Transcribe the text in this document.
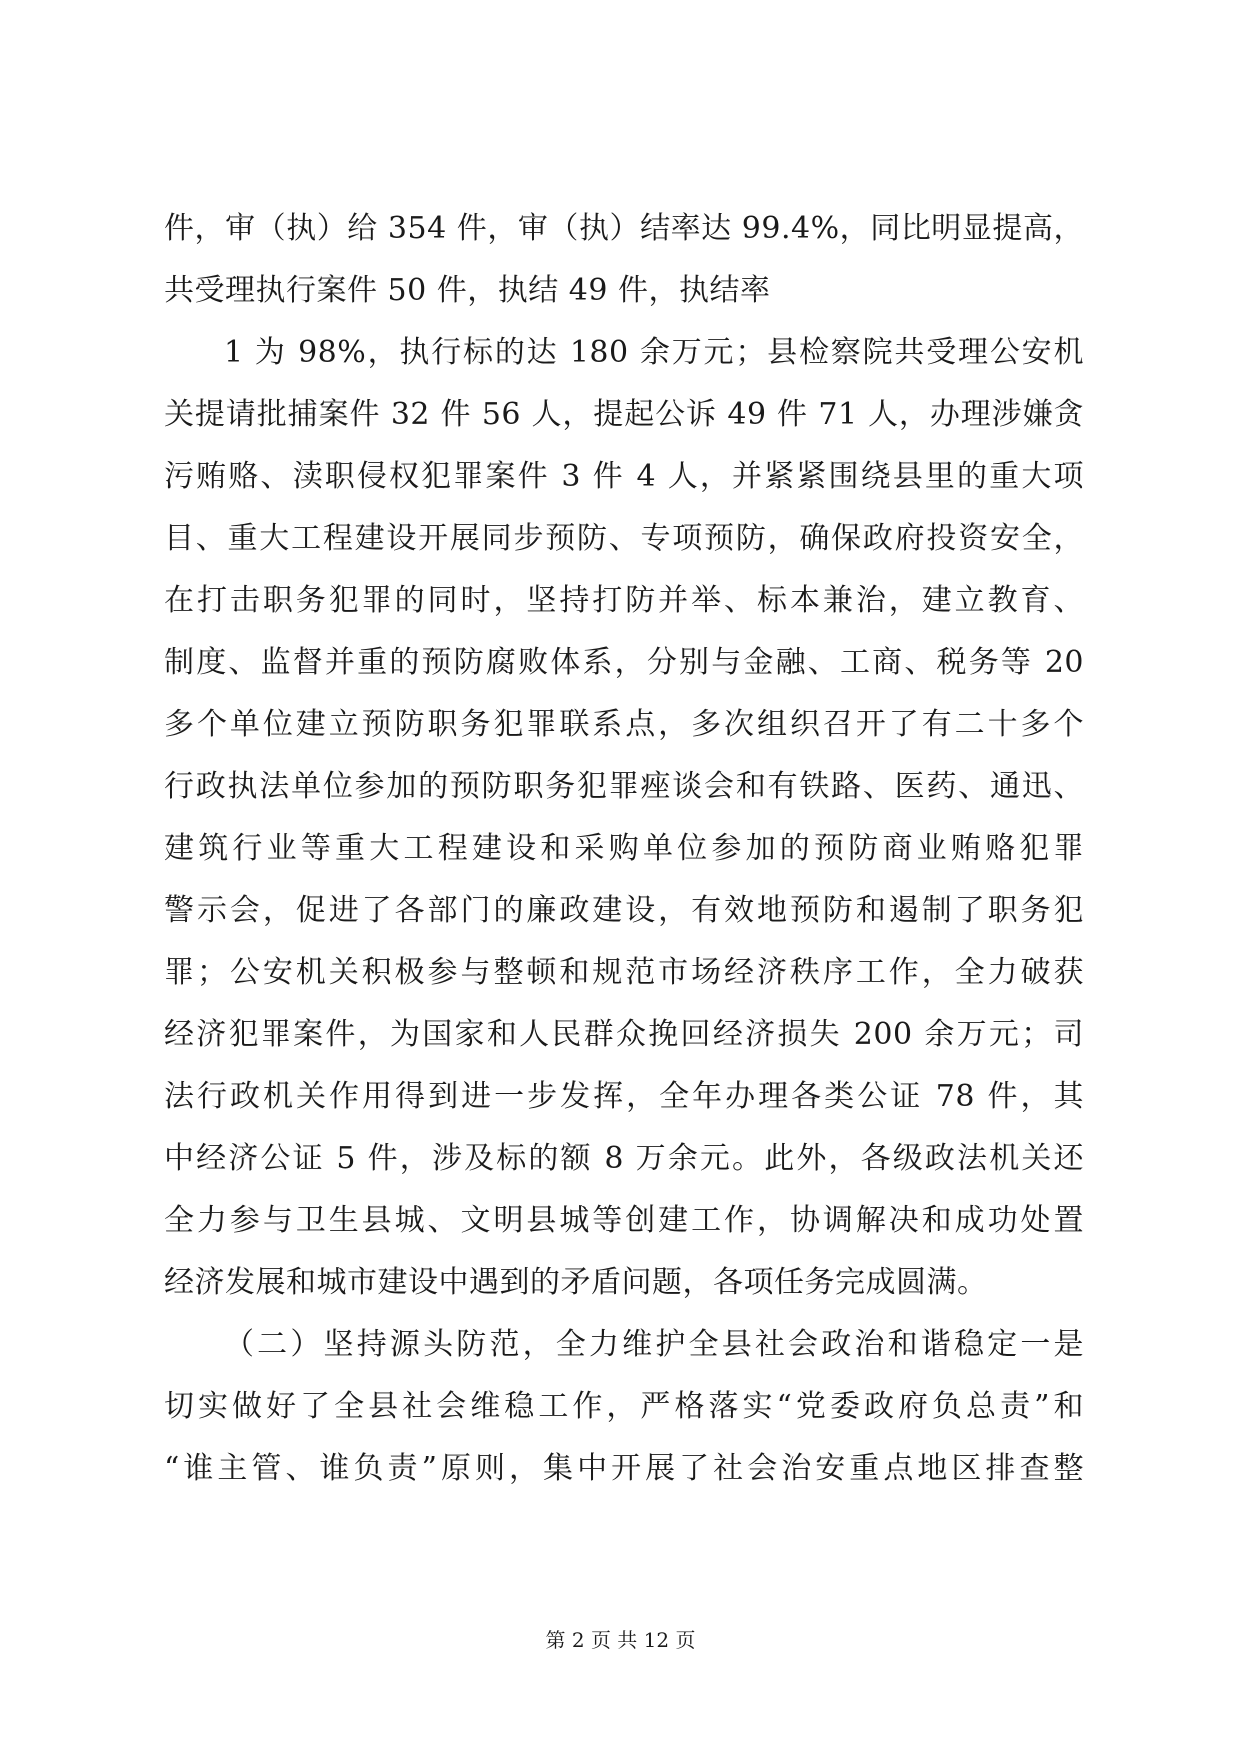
件，审（执）给 354 件，审（执）结率达 99.4%，同比明显提高，
共受理执行案件 50 件，执结 49 件，执结率
1 为 98%，执行标的达 180 余万元；县检察院共受理公安机
关提请批捕案件 32 件 56 人，提起公诉 49 件 71 人，办理涉嫌贪
污贿赂、渎职侵权犯罪案件 3 件 4 人，并紧紧围绕县里的重大项
目、重大工程建设开展同步预防、专项预防，确保政府投资安全，
在打击职务犯罪的同时，坚持打防并举、标本兼治，建立教育、
制度、监督并重的预防腐败体系，分别与金融、工商、税务等 20
多个单位建立预防职务犯罪联系点，多次组织召开了有二十多个
行政执法单位参加的预防职务犯罪痤谈会和有铁路、医药、通迅、
建筑行业等重大工程建设和采购单位参加的预防商业贿赂犯罪
警示会，促进了各部门的廉政建设，有效地预防和遏制了职务犯
罪；公安机关积极参与整顿和规范市场经济秩序工作，全力破获
经济犯罪案件，为国家和人民群众挽回经济损失 200 余万元；司
法行政机关作用得到进一步发挥，全年办理各类公证 78 件，其
中经济公证 5 件，涉及标的额 8 万余元。此外，各级政法机关还
全力参与卫生县城、文明县城等创建工作，协调解决和成功处置
经济发展和城市建设中遇到的矛盾问题，各项任务完成圆满。
（二）坚持源头防范，全力维护全县社会政治和谐稳定一是
切实做好了全县社会维稳工作，严格落实“党委政府负总责”和
“谁主管、谁负责”原则，集中开展了社会治安重点地区排查整
第 2 页 共 12 页
